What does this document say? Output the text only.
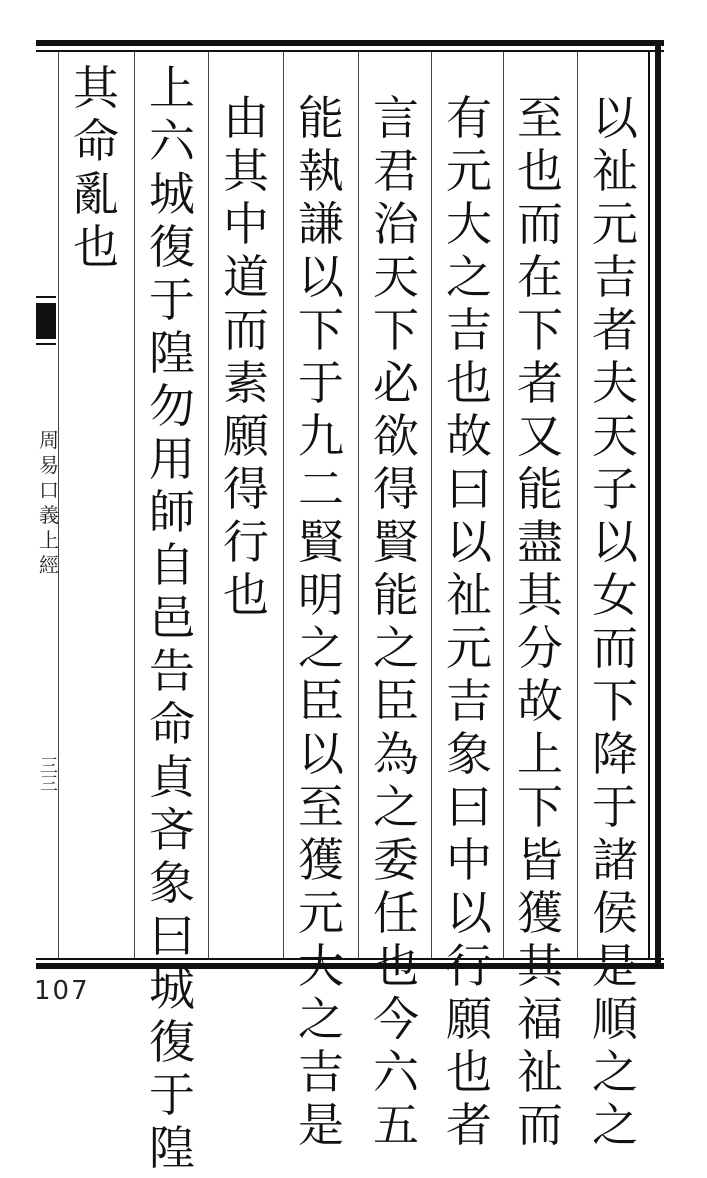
以
祉
元
吉
者
夫
天
子
以
女
而
下
降
于
諸
侯
是
順
之
之
至
也
而
在
下
者
又
能
盡
其
分
故
上
下
皆
獲
其
福
祉
而
有
元
大
之
吉
也
故
曰
以
祉
元
吉
象
曰
中
以
行
願
也
者
言
君
治
天
下
必
欲
得
賢
能
之
臣
為
之
委
任
也
今
六
五
能
執
謙
以
下
于
九
二
賢
明
之
臣
以
至
獲
元
大
之
吉
是
由
其
中
道
而
素
願
得
行
也
上
六
城
復
于
隍
勿
用
師
自
邑
告
命
貞
吝
象
曰
城
復
于
隍
其
命
亂
也
周
易
口
義
上
經
三
三
107
